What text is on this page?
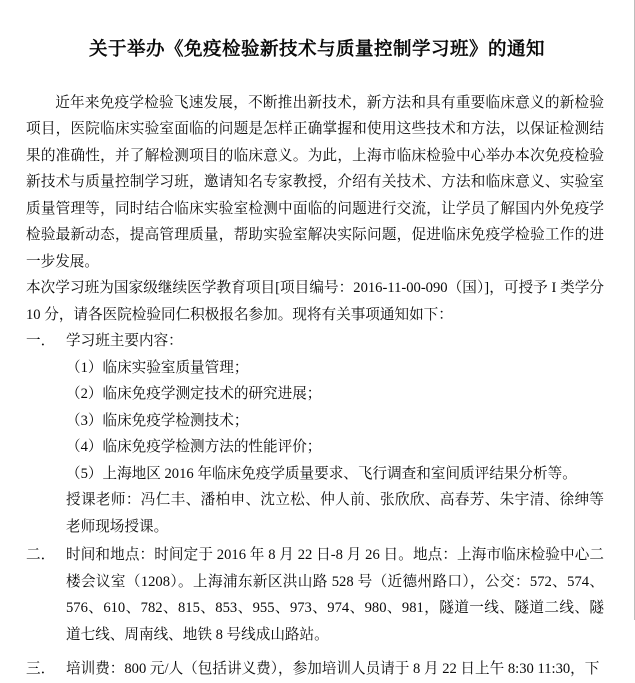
关于举办《免疫检验新技术与质量控制学习班》的通知

近年来免疫学检验飞速发展，不断推出新技术，新方法和具有重要临床意义的新检验项目，医院临床实验室面临的问题是怎样正确掌握和使用这些技术和方法，以保证检测结果的准确性，并了解检测项目的临床意义。为此，上海市临床检验中心举办本次免疫检验新技术与质量控制学习班，邀请知名专家教授，介绍有关技术、方法和临床意义、实验室质量管理等，同时结合临床实验室检测中面临的问题进行交流，让学员了解国内外免疫学检验最新动态，提高管理质量，帮助实验室解决实际问题，促进临床免疫学检验工作的进一步发展。

本次学习班为国家级继续医学教育项目[项目编号：2016-11-00-090（国）]，可授予 I 类学分 10 分，请各医院检验同仁积极报名参加。现将有关事项通知如下：

一． 学习班主要内容：

（1）临床实验室质量管理；

（2）临床免疫学测定技术的研究进展；

（3）临床免疫学检测技术；

（4）临床免疫学检测方法的性能评价；

（5）上海地区 2016 年临床免疫学质量要求、飞行调查和室间质评结果分析等。

授课老师：冯仁丰、潘柏申、沈立松、仲人前、张欣欣、高春芳、朱宇清、徐绅等老师现场授课。

二． 时间和地点：时间定于 2016 年 8 月 22 日-8 月 26 日。地点：上海市临床检验中心二楼会议室（1208）。上海浦东新区洪山路 528 号（近德州路口），公交：572、574、576、610、782、815、853、955、973、974、980、981，隧道一线、隧道二线、隧道七线、周南线、地铁 8 号线成山路站。
三． 培训费：800 元/人（包括讲义费），参加培训人员请于 8 月 22 日上午 8:30 11:30，下
